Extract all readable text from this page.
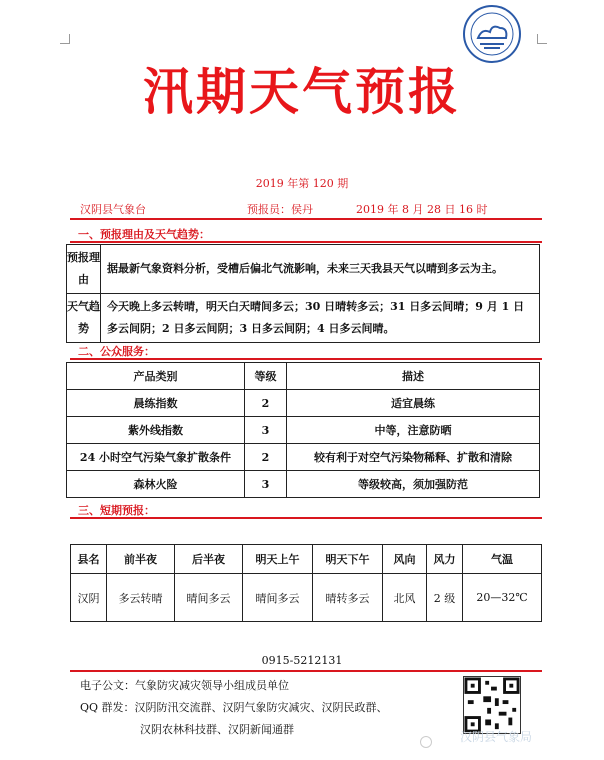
汛期天气预报
2019 年第 120 期
汉阴县气象台	预报员：侯丹	2019 年 8 月 28 日 16 时
一、预报理由及天气趋势：
预报理由	据最新气象资料分析，受槽后偏北气流影响，未来三天我县天气以晴到多云为主。
天气趋势	今天晚上多云转晴，明天白天晴间多云；30 日晴转多云；31 日多云间晴；9 月 1 日多云间阴；2 日多云间阴；3 日多云间阴；4 日多云间晴。
二、公众服务：
产品类别	等级	描述
晨练指数	2	适宜晨练
紫外线指数	3	中等，注意防晒
24 小时空气污染气象扩散条件	2	较有利于对空气污染物稀释、扩散和清除
森林火险	3	等级较高，须加强防范
三、短期预报：
县名	前半夜	后半夜	明天上午	明天下午	风向	风力	气温
汉阴	多云转晴	晴间多云	晴间多云	晴转多云	北风	2 级	20—32℃
0915-5212131
电子公文：气象防灾减灾领导小组成员单位
QQ 群发：汉阴防汛交流群、汉阴气象防灾减灾、汉阴民政群、
汉阴农林科技群、汉阴新闻通群
汉阴县气象局
